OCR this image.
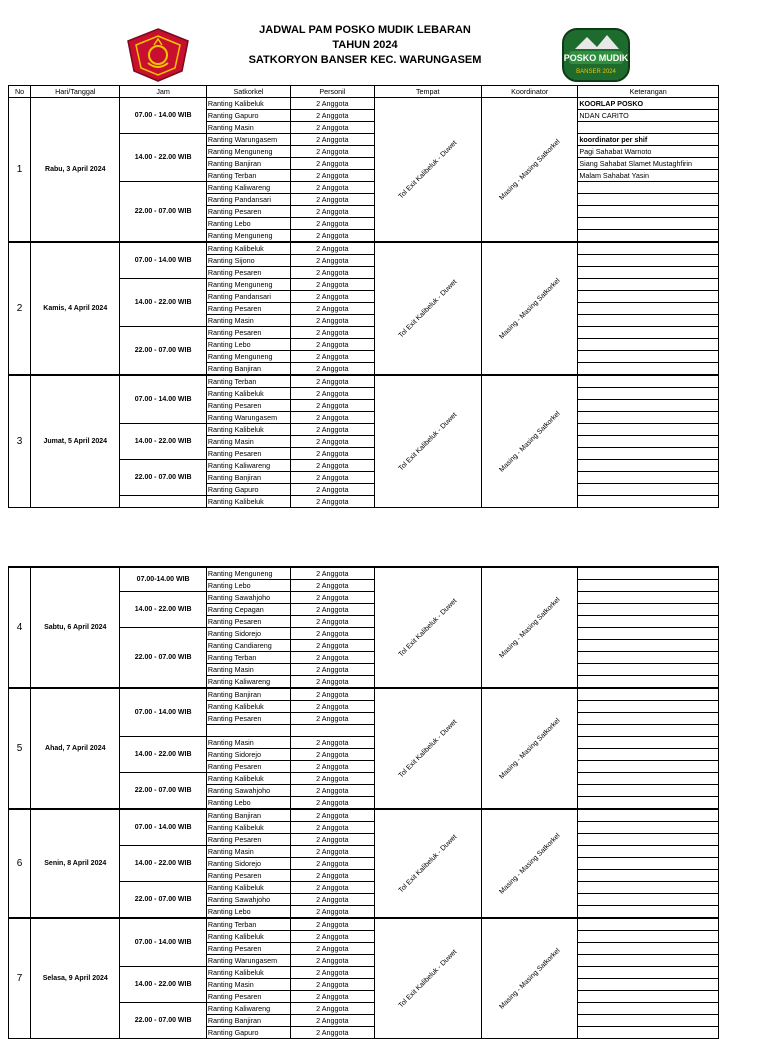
JADWAL PAM POSKO MUDIK LEBARAN
TAHUN 2024
SATKORYON BANSER KEC. WARUNGASEM	POSKO MUDIK
BANSER 2024
No	Hari/Tanggal	Jam	Satkorkel	Personil	Tempat	Koordinator	Keterangan
1	Rabu, 3 April 2024	07.00 - 14.00 WIB	Ranting Kalibeluk	2 Anggota	Tol Exit Kalibeluk - Duwet	Masing - Masing Satkorkel	KOORLAP POSKO
			Ranting Gapuro	2 Anggota			NDAN CARITO
			Ranting Masin	2 Anggota			
		14.00 - 22.00 WIB	Ranting Warungasem	2 Anggota			koordinator per shif
			Ranting Menguneng	2 Anggota			Pagi Sahabat Warnoto
			Ranting Banjiran	2 Anggota			Siang Sahabat Slamet Mustaghfirin
			Ranting Terban	2 Anggota			Malam Sahabat Yasin
		22.00 - 07.00 WIB	Ranting Kaliwareng	2 Anggota			
			Ranting Pandansari	2 Anggota			
			Ranting Pesaren	2 Anggota			
			Ranting Lebo	2 Anggota			
			Ranting Menguneng	2 Anggota			
2	Kamis, 4 April 2024	07.00 - 14.00 WIB	Ranting Kalibeluk	2 Anggota	Tol Exit Kalibeluk - Duwet	Masing - Masing Satkorkel	

			Ranting Sijono	2 Anggota			
			Ranting Pesaren	2 Anggota			
		14.00 - 22.00 WIB	Ranting Menguneng	2 Anggota			
			Ranting Pandansari	2 Anggota			
			Ranting Pesaren	2 Anggota			
			Ranting Masin	2 Anggota			
		22.00 - 07.00 WIB	Ranting Pesaren	2 Anggota			
			Ranting Lebo	2 Anggota			
			Ranting Menguneng	2 Anggota			
			Ranting Banjiran	2 Anggota			
3	Jumat, 5 April 2024	07.00 - 14.00 WIB	Ranting Terban	2 Anggota	Tol Exit Kalibeluk - Duwet	Masing - Masing Satkorkel	

			Ranting Kalibeluk	2 Anggota			
			Ranting Pesaren	2 Anggota			
			Ranting Warungasem	2 Anggota			
		14.00 - 22.00 WIB	Ranting Kalibeluk	2 Anggota			
			Ranting Masin	2 Anggota			
			Ranting Pesaren	2 Anggota			
		22.00 - 07.00 WIB	Ranting Kaliwareng	2 Anggota			
			Ranting Banjiran	2 Anggota			
			Ranting Gapuro	2 Anggota			
			Ranting Kalibeluk	2 Anggota			
4	Sabtu, 6 April 2024	07.00-14.00 WIB	Ranting Menguneng	2 Anggota	Tol Exit Kalibeluk - Duwet	Masing - Masing Satkorkel	

			Ranting Lebo	2 Anggota			
		14.00 - 22.00 WIB	Ranting Sawahjoho	2 Anggota			
			Ranting Cepagan	2 Anggota			
			Ranting Pesaren	2 Anggota			
		22.00 - 07.00 WIB	Ranting Sidorejo	2 Anggota			
			Ranting Candiareng	2 Anggota			
			Ranting Terban	2 Anggota			
			Ranting Masin	2 Anggota			
			Ranting Kaliwareng	2 Anggota			
5	Ahad, 7 April 2024	07.00 - 14.00 WIB	Ranting Banjiran	2 Anggota	Tol Exit Kalibeluk - Duwet	Masing - Masing Satkorkel	

			Ranting Kalibeluk	2 Anggota			
			Ranting Pesaren	2 Anggota			

		14.00 - 22.00 WIB	Ranting Masin	2 Anggota			
			Ranting Sidorejo	2 Anggota			
			Ranting Pesaren	2 Anggota			
		22.00 - 07.00 WIB	Ranting Kalibeluk	2 Anggota			
			Ranting Sawahjoho	2 Anggota			
			Ranting Lebo	2 Anggota			
6	Senin, 8 April 2024	07.00 - 14.00 WIB	Ranting Banjiran	2 Anggota	Tol Exit Kalibeluk - Duwet	Masing - Masing Satkorkel	

			Ranting Kalibeluk	2 Anggota			
			Ranting Pesaren	2 Anggota			
		14.00 - 22.00 WIB	Ranting Masin	2 Anggota			
			Ranting Sidorejo	2 Anggota			
			Ranting Pesaren	2 Anggota			
		22.00 - 07.00 WIB	Ranting Kalibeluk	2 Anggota			
			Ranting Sawahjoho	2 Anggota			
			Ranting Lebo	2 Anggota			
7	Selasa, 9 April 2024	07.00 - 14.00 WIB	Ranting Terban	2 Anggota	Tol Exit Kalibeluk - Duwet	Masing - Masing Satkorkel	

			Ranting Kalibeluk	2 Anggota			
			Ranting Pesaren	2 Anggota			
			Ranting Warungasem	2 Anggota			
		14.00 - 22.00 WIB	Ranting Kalibeluk	2 Anggota			
			Ranting Masin	2 Anggota			
			Ranting Pesaren	2 Anggota			
		22.00 - 07.00 WIB	Ranting Kaliwareng	2 Anggota			
			Ranting Banjiran	2 Anggota			
			Ranting Gapuro	2 Anggota			
